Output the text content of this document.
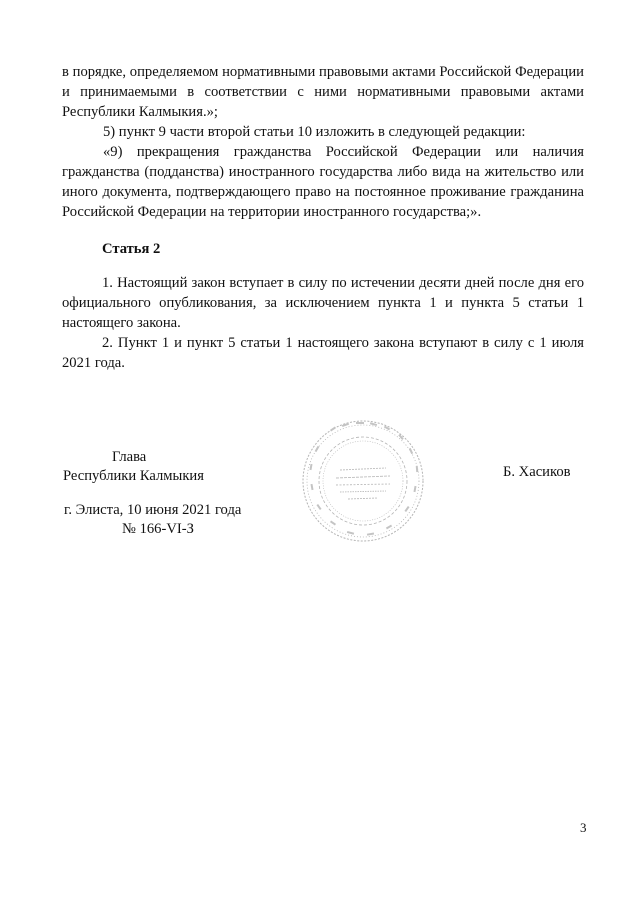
в порядке, определяемом нормативными правовыми актами Российской Федерации и принимаемыми в соответствии с ними нормативными правовыми актами Республики Калмыкия.»;

5) пункт 9 части второй статьи 10 изложить в следующей редакции:

«9) прекращения гражданства Российской Федерации или наличия гражданства (подданства) иностранного государства либо вида на жительство или иного документа, подтверждающего право на постоянное проживание гражданина Российской Федерации на территории иностранного государства;».

Статья 2

1. Настоящий закон вступает в силу по истечении десяти дней после дня его официального опубликования, за исключением пункта 1 и пункта 5 статьи 1 настоящего закона.

2. Пункт 1 и пункт 5 статьи 1 настоящего закона вступают в силу с 1 июля 2021 года.

Глава

Республики Калмыкия	Б. Хасиков

г. Элиста, 10 июня 2021 года

№ 166-VI-З

3
